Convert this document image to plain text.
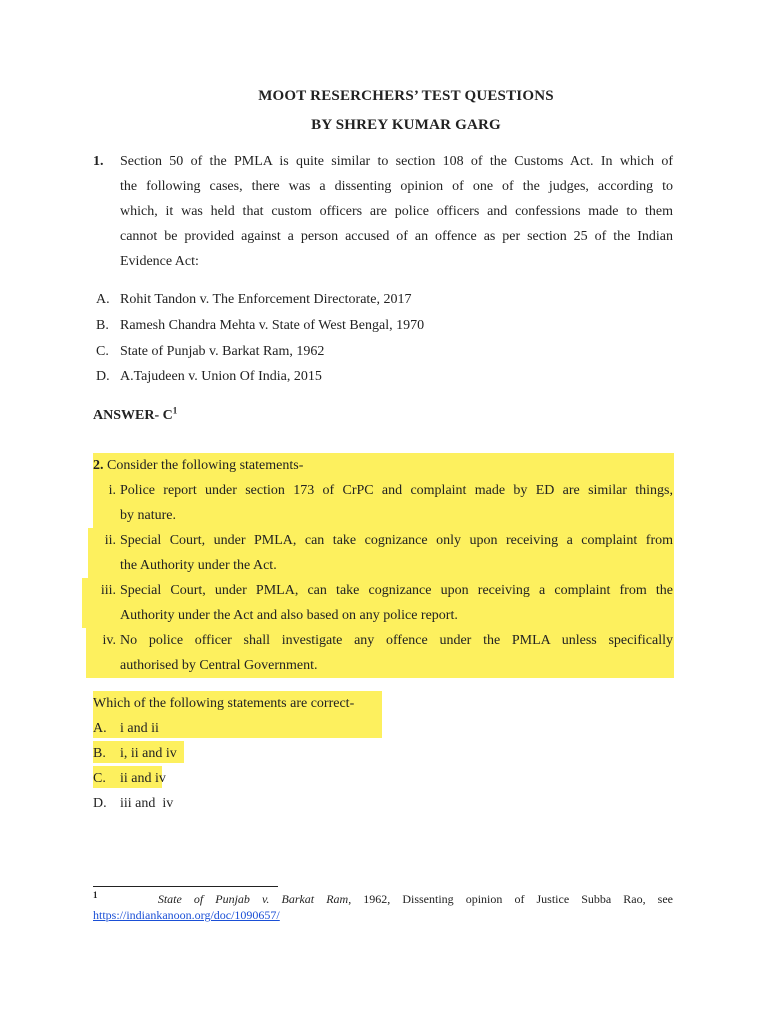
MOOT RESERCHERS’ TEST QUESTIONS
BY SHREY KUMAR GARG
1. Section 50 of the PMLA is quite similar to section 108 of the Customs Act. In which of
the following cases, there was a dissenting opinion of one of the judges, according to
which, it was held that custom officers are police officers and confessions made to them
cannot be provided against a person accused of an offence as per section 25 of the Indian
Evidence Act:
A. Rohit Tandon v. The Enforcement Directorate, 2017
B. Ramesh Chandra Mehta v. State of West Bengal, 1970
C. State of Punjab v. Barkat Ram, 1962
D. A.Tajudeen v. Union Of India, 2015
ANSWER- $C^1$
2. Consider the following statements-
i. Police report under section 173 of CrPC and complaint made by ED are similar things,
by nature.
ii. Special Court, under PMLA, can take cognizance only upon receiving a complaint from
the Authority under the Act.
iii. Special Court, under PMLA, can take cognizance upon receiving a complaint from the
Authority under the Act and also based on any police report.
iv. No police officer shall investigate any offence under the PMLA unless specifically
authorised by Central Government.
Which of the following statements are correct-
A. i and ii
B. i, ii and iv
C. ii and iv
D. iii and  iv
$^1$	State of Punjab v. Barkat Ram, 1962, Dissenting opinion of Justice Subba Rao, see
https://indiankanoon.org/doc/1090657/
